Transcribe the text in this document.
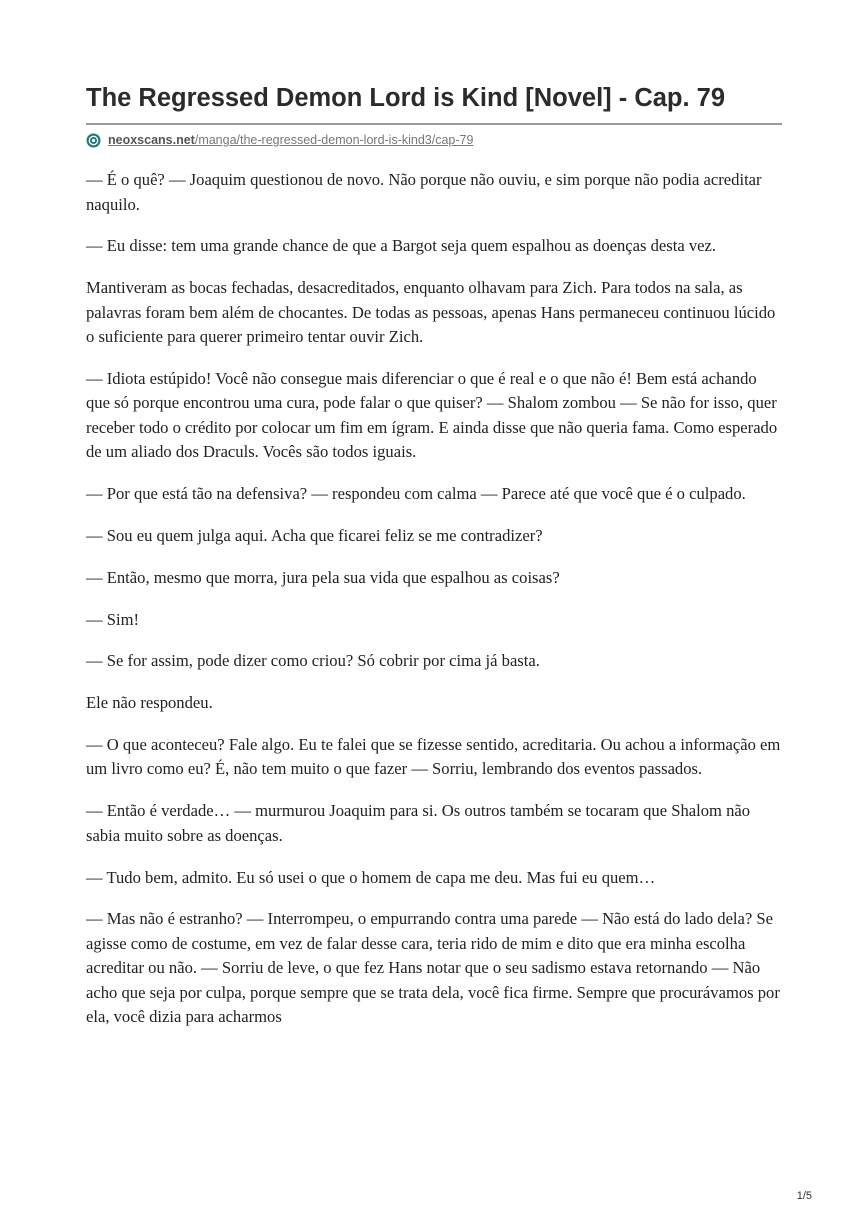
The Regressed Demon Lord is Kind [Novel] - Cap. 79
neoxscans.net/manga/the-regressed-demon-lord-is-kind3/cap-79

— É o quê? — Joaquim questionou de novo. Não porque não ouviu, e sim porque não podia acreditar naquilo.

— Eu disse: tem uma grande chance de que a Bargot seja quem espalhou as doenças desta vez.

Mantiveram as bocas fechadas, desacreditados, enquanto olhavam para Zich. Para todos na sala, as palavras foram bem além de chocantes. De todas as pessoas, apenas Hans permaneceu continuou lúcido o suficiente para querer primeiro tentar ouvir Zich.

— Idiota estúpido! Você não consegue mais diferenciar o que é real e o que não é! Bem está achando que só porque encontrou uma cura, pode falar o que quiser? — Shalom zombou — Se não for isso, quer receber todo o crédito por colocar um fim em ígram. E ainda disse que não queria fama. Como esperado de um aliado dos Draculs. Vocês são todos iguais.

— Por que está tão na defensiva? — respondeu com calma — Parece até que você que é o culpado.

— Sou eu quem julga aqui. Acha que ficarei feliz se me contradizer?

— Então, mesmo que morra, jura pela sua vida que espalhou as coisas?

— Sim!

— Se for assim, pode dizer como criou? Só cobrir por cima já basta.

Ele não respondeu.

— O que aconteceu? Fale algo. Eu te falei que se fizesse sentido, acreditaria. Ou achou a informação em um livro como eu? É, não tem muito o que fazer — Sorriu, lembrando dos eventos passados.

— Então é verdade… — murmurou Joaquim para si. Os outros também se tocaram que Shalom não sabia muito sobre as doenças.

— Tudo bem, admito. Eu só usei o que o homem de capa me deu. Mas fui eu quem…

— Mas não é estranho? — Interrompeu, o empurrando contra uma parede — Não está do lado dela? Se agisse como de costume, em vez de falar desse cara, teria rido de mim e dito que era minha escolha acreditar ou não. — Sorriu de leve, o que fez Hans notar que o seu sadismo estava retornando — Não acho que seja por culpa, porque sempre que se trata dela, você fica firme. Sempre que procurávamos por ela, você dizia para acharmos

1/5
